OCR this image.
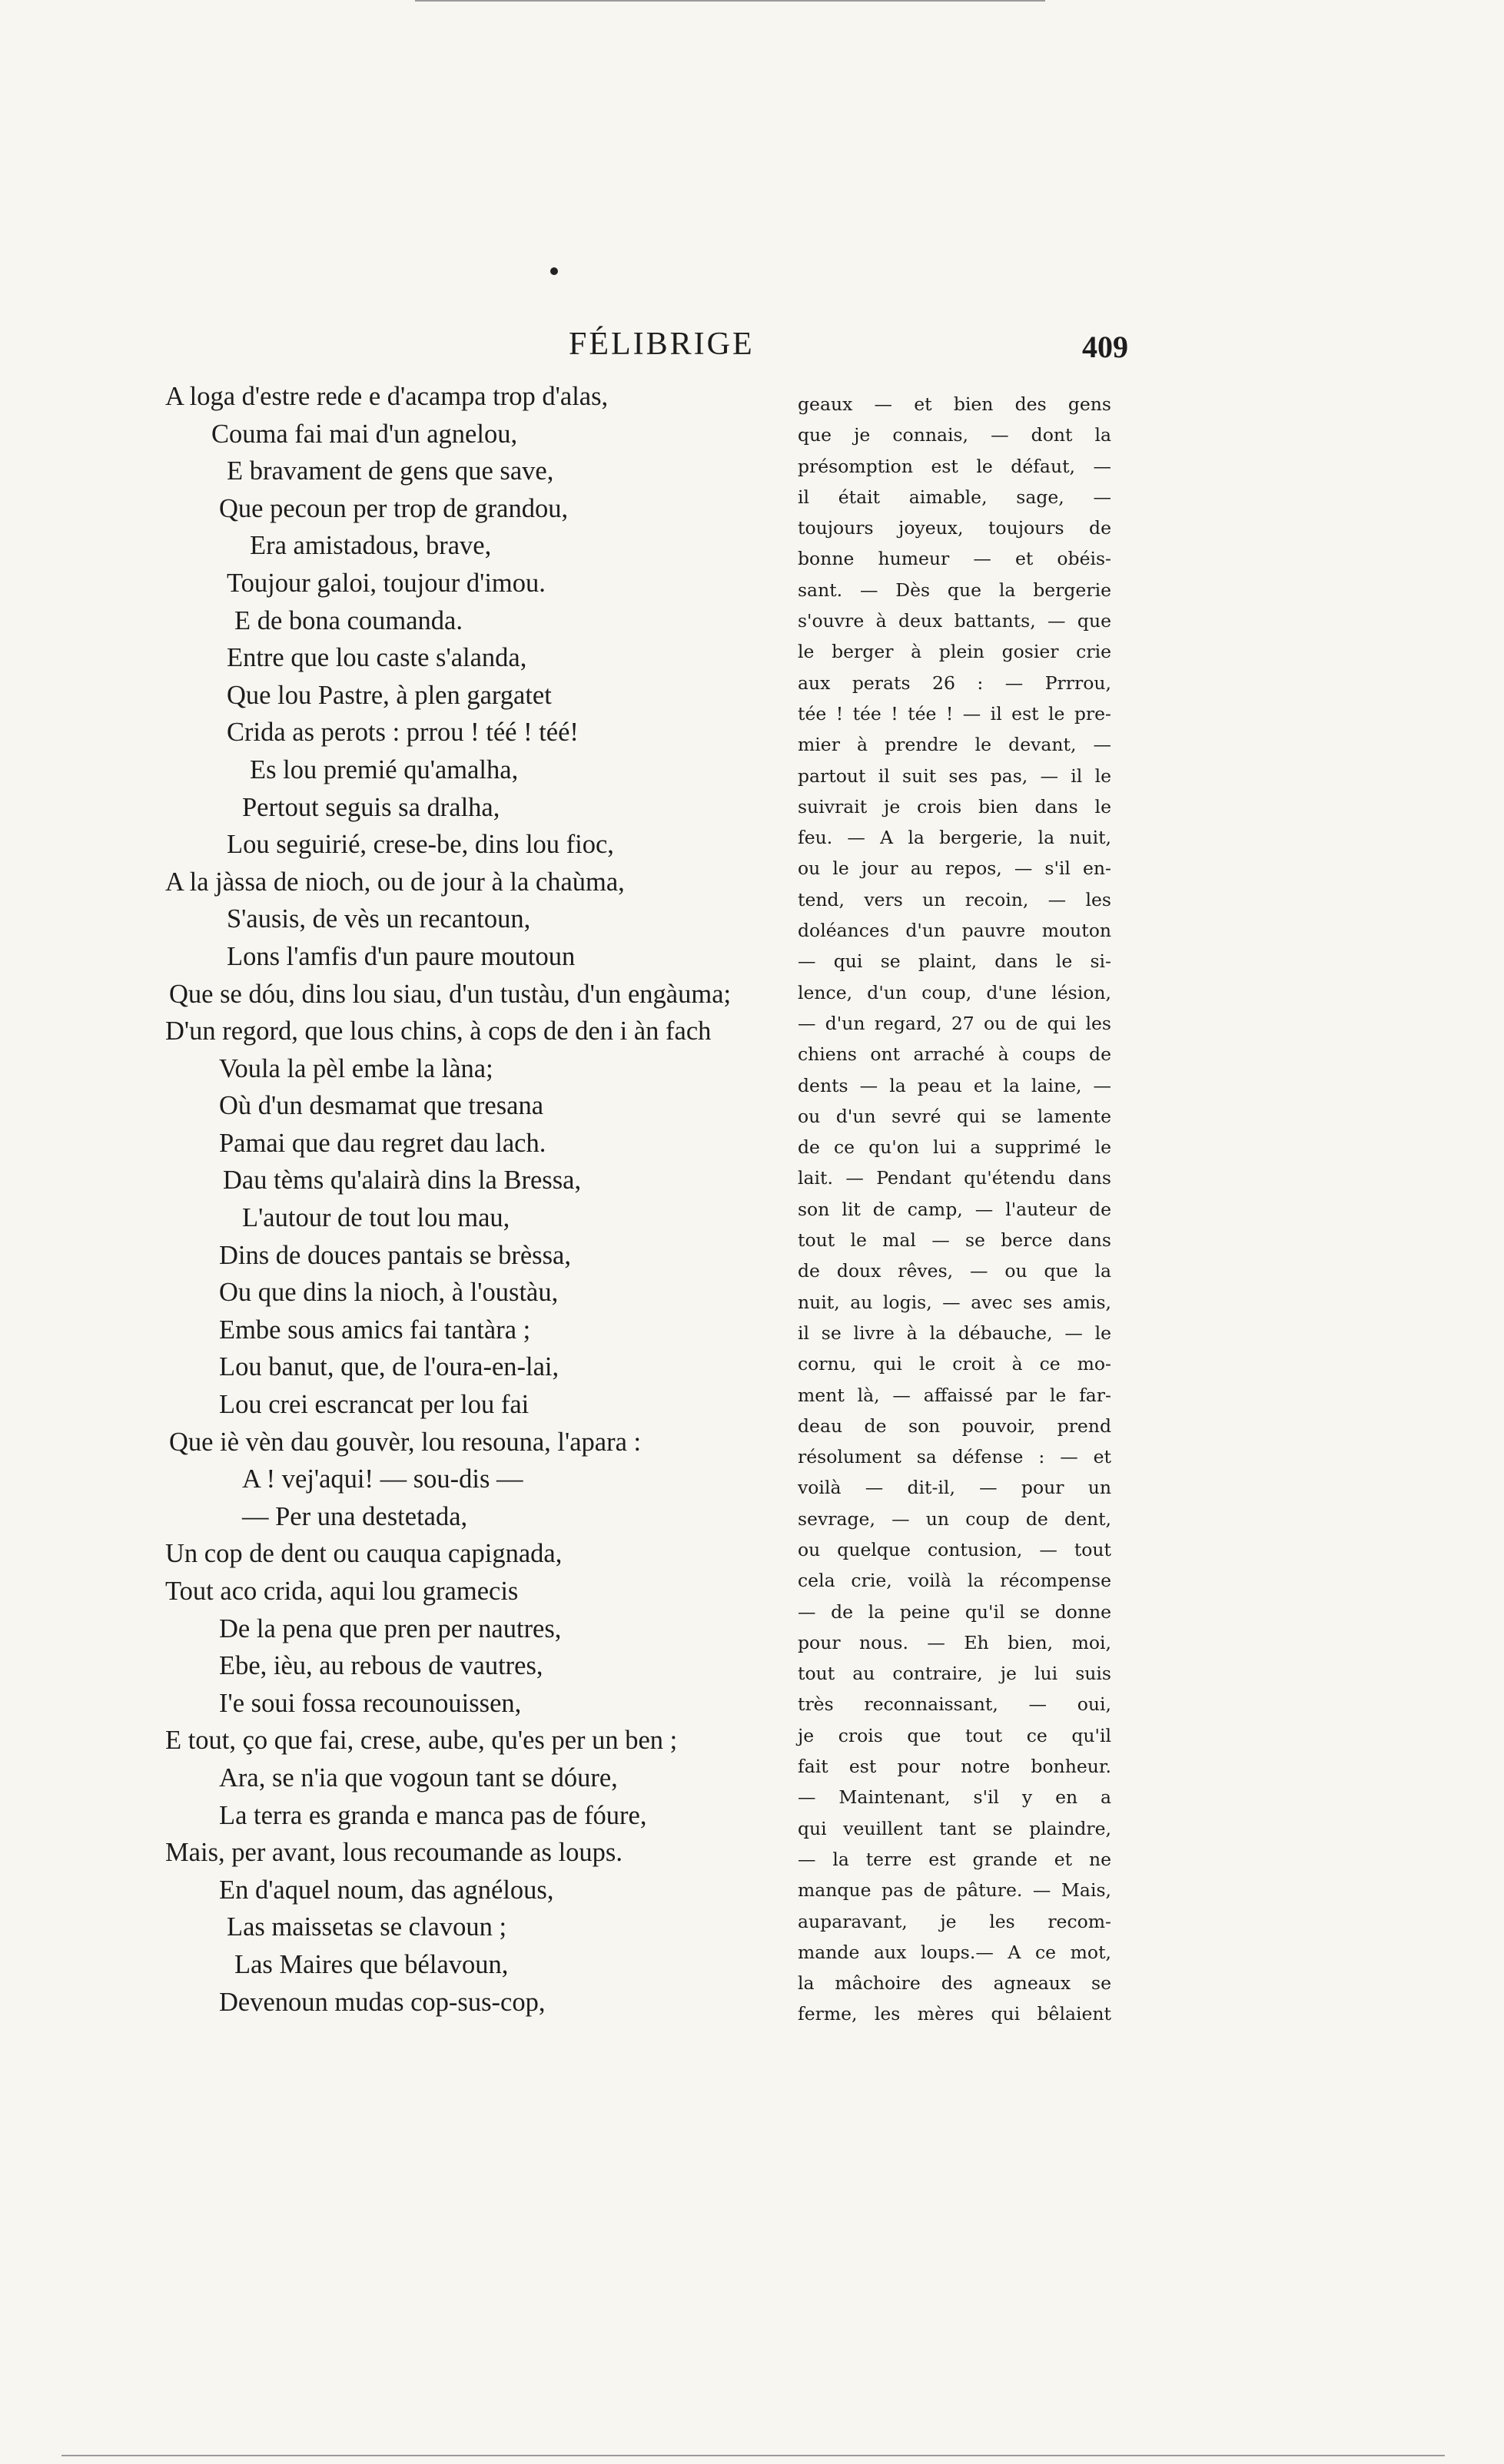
FÉLIBRIGE	409
A loga d'estre rede e d'acampa trop d'alas,
Couma fai mai d'un agnelou,
E bravament de gens que save,
Que pecoun per trop de grandou,
Era amistadous, brave,
Toujour galoi, toujour d'imou.
E de bona coumanda.
Entre que lou caste s'alanda,
Que lou Pastre, à plen gargatet
Crida as perots : prrou ! téé ! téé!
Es lou premié qu'amalha,
Pertout seguis sa dralha,
Lou seguirié, crese-be, dins lou fioc,
A la jàssa de nioch, ou de jour à la chaùma,
S'ausis, de vès un recantoun,
Lons l'amfis d'un paure moutoun
Que se dóu, dins lou siau, d'un tustàu, d'un engàuma;
D'un regord, que lous chins, à cops de den i àn fach
Voula la pèl embe la làna;
Où d'un desmamat que tresana
Pamai que dau regret dau lach.
Dau tèms qu'alairà dins la Bressa,
L'autour de tout lou mau,
Dins de douces pantais se brèssa,
Ou que dins la nioch, à l'oustàu,
Embe sous amics fai tantàra ;
Lou banut, que, de l'oura-en-lai,
Lou crei escrancat per lou fai
Que iè vèn dau gouvèr, lou resouna, l'apara :
A ! vej'aqui! — sou-dis —
— Per una destetada,
Un cop de dent ou cauqua capignada,
Tout aco crida, aqui lou gramecis
De la pena que pren per nautres,
Ebe, ièu, au rebous de vautres,
I'e soui fossa recounouissen,
E tout, ço que fai, crese, aube, qu'es per un ben ;
Ara, se n'ia que vogoun tant se dóure,
La terra es granda e manca pas de fóure,
Mais, per avant, lous recoumande as loups.
En d'aquel noum, das agnélous,
Las maissetas se clavoun ;
Las Maires que bélavoun,
Devenoun mudas cop-sus-cop,
geaux — et bien des gens
que je connais, — dont la
présomption est le défaut, —
il était aimable, sage, —
toujours joyeux, toujours de
bonne humeur — et obéis-
sant. — Dès que la bergerie
s'ouvre à deux battants, — que
le berger à plein gosier crie
aux perats 26 : — Prrrou,
tée ! tée ! tée ! — il est le pre-
mier à prendre le devant, —
partout il suit ses pas, — il le
suivrait je crois bien dans le
feu. — A la bergerie, la nuit,
ou le jour au repos, — s'il en-
tend, vers un recoin, — les
doléances d'un pauvre mouton
— qui se plaint, dans le si-
lence, d'un coup, d'une lésion,
— d'un regard, 27 ou de qui les
chiens ont arraché à coups de
dents — la peau et la laine, —
ou d'un sevré qui se lamente
de ce qu'on lui a supprimé le
lait. — Pendant qu'étendu dans
son lit de camp, — l'auteur de
tout le mal — se berce dans
de doux rêves, — ou que la
nuit, au logis, — avec ses amis,
il se livre à la débauche, — le
cornu, qui le croit à ce mo-
ment là, — affaissé par le far-
deau de son pouvoir, prend
résolument sa défense : — et
voilà — dit-il, — pour un
sevrage, — un coup de dent,
ou quelque contusion, — tout
cela crie, voilà la récompense
— de la peine qu'il se donne
pour nous. — Eh bien, moi,
tout au contraire, je lui suis
très reconnaissant, — oui,
je crois que tout ce qu'il
fait est pour notre bonheur.
— Maintenant, s'il y en a
qui veuillent tant se plaindre,
— la terre est grande et ne
manque pas de pâture. — Mais,
auparavant, je les recom-
mande aux loups.— A ce mot,
la mâchoire des agneaux se
ferme, les mères qui bêlaient
